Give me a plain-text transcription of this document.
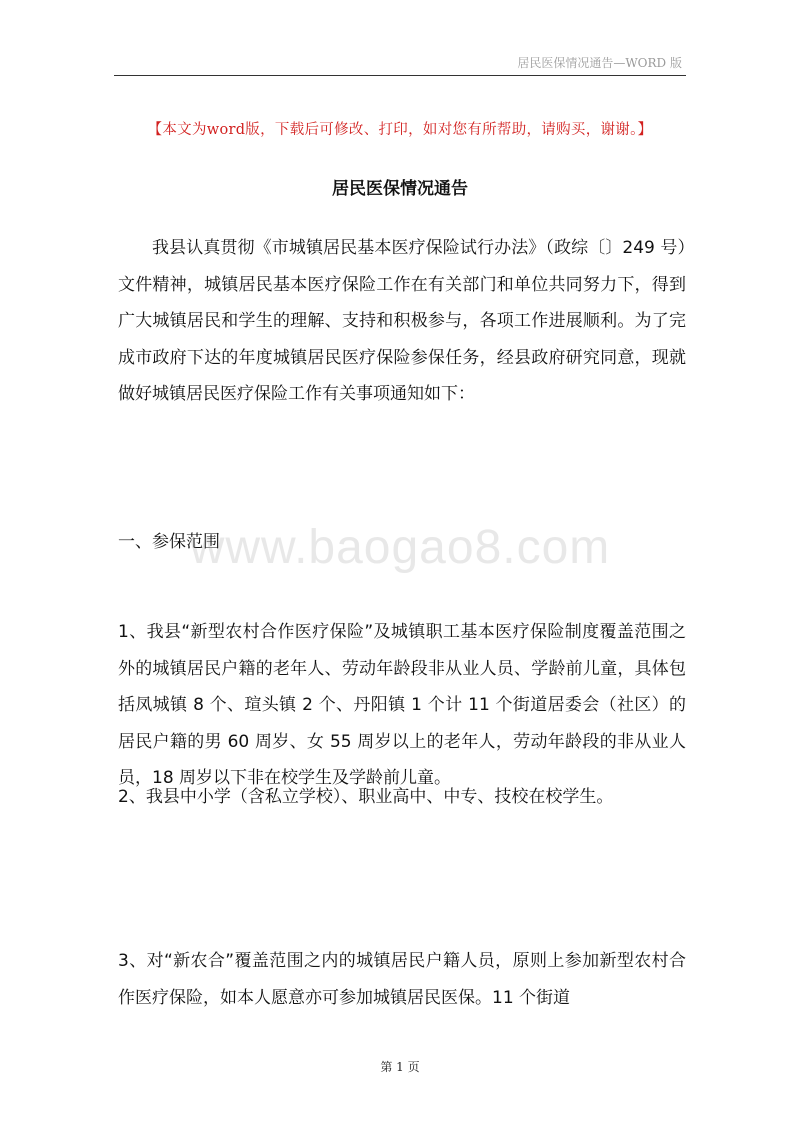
居民医保情况通告—WORD 版
【本文为word版，下载后可修改、打印，如对您有所帮助，请购买，谢谢。】
居民医保情况通告
我县认真贯彻《市城镇居民基本医疗保险试行办法》（政综〔〕249 号）文件精神，城镇居民基本医疗保险工作在有关部门和单位共同努力下，得到广大城镇居民和学生的理解、支持和积极参与，各项工作进展顺利。为了完成市政府下达的年度城镇居民医疗保险参保任务，经县政府研究同意，现就做好城镇居民医疗保险工作有关事项通知如下：
一、参保范围
1、我县“新型农村合作医疗保险”及城镇职工基本医疗保险制度覆盖范围之外的城镇居民户籍的老年人、劳动年龄段非从业人员、学龄前儿童，具体包括凤城镇 8 个、瑄头镇 2 个、丹阳镇 1 个计 11 个街道居委会（社区）的居民户籍的男 60 周岁、女 55 周岁以上的老年人，劳动年龄段的非从业人员，18 周岁以下非在校学生及学龄前儿童。
2、我县中小学（含私立学校）、职业高中、中专、技校在校学生。
3、对“新农合”覆盖范围之内的城镇居民户籍人员，原则上参加新型农村合作医疗保险，如本人愿意亦可参加城镇居民医保。11 个街道
www.baogao8.com
第 1 页
